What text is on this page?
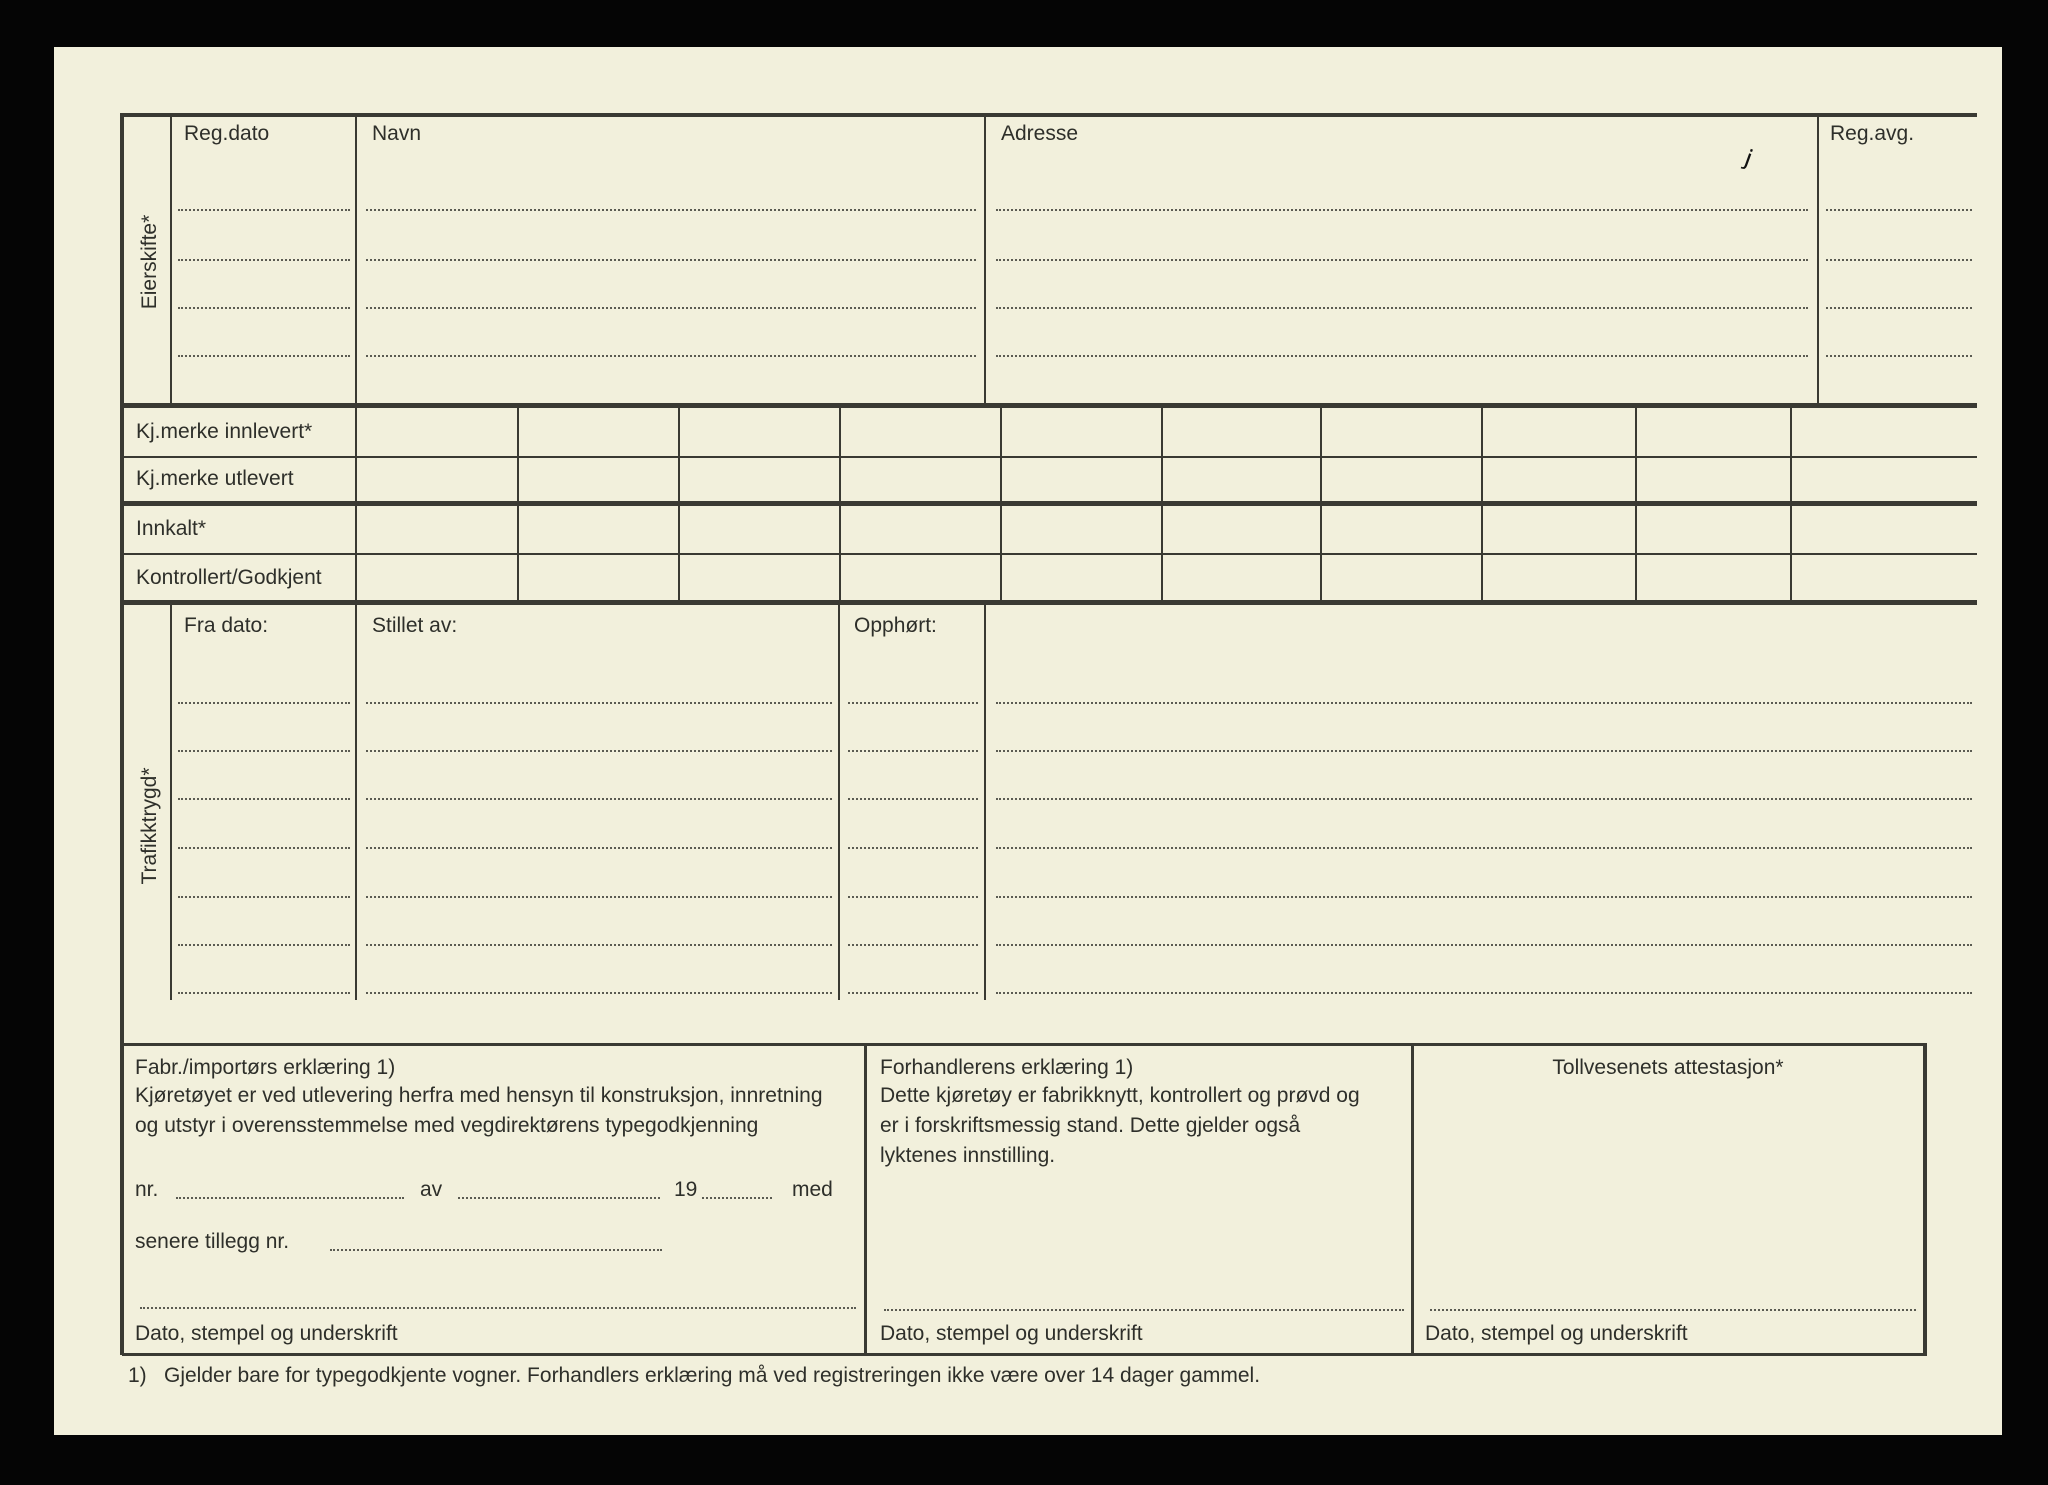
Eierskifte*
Reg.dato	Navn	Adresse	Reg.avg.
ⱼ
Kj.merke innlevert*
Kj.merke utlevert
Innkalt*
Kontrollert/Godkjent
Trafikktrygd*
Fra dato:	Stillet av:	Opphørt:
Fabr./importørs erklæring 1)
Kjøretøyet er ved utlevering herfra med hensyn til konstruksjon, innretning og utstyr i overensstemmelse med vegdirektørens typegodkjenning
nr.	av	19	med
senere tillegg nr.
Dato, stempel og underskrift
Forhandlerens erklæring 1)
Dette kjøretøy er fabrikknytt, kontrollert og prøvd og er i forskriftsmessig stand. Dette gjelder også lyktenes innstilling.
Dato, stempel og underskrift
Tollvesenets attestasjon*
Dato, stempel og underskrift
1) Gjelder bare for typegodkjente vogner. Forhandlers erklæring må ved registreringen ikke være over 14 dager gammel.
